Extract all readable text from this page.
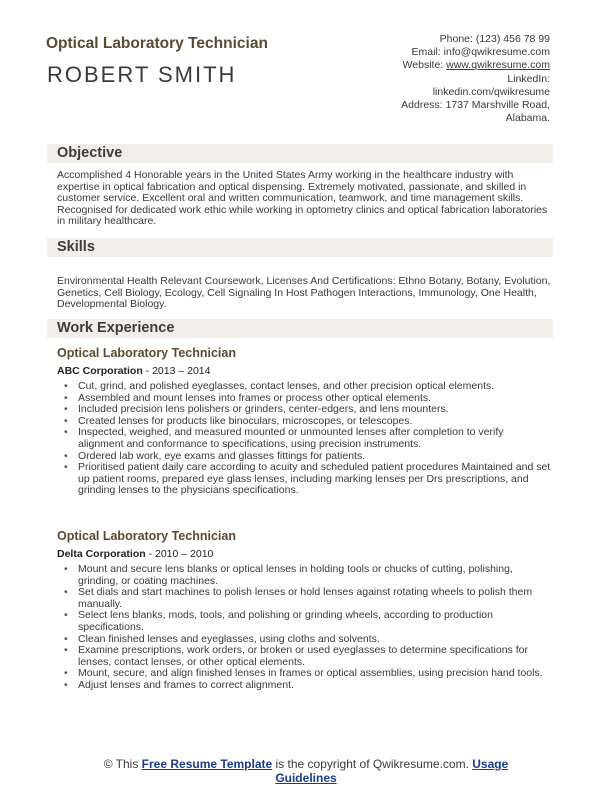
Optical Laboratory Technician
ROBERT SMITH
Phone: (123) 456 78 99
Email: info@qwikresume.com
Website: www.qwikresume.com
LinkedIn:
linkedin.com/qwikresume
Address: 1737 Marshville Road,
Alabama.
Objective
Accomplished 4 Honorable years in the United States Army working in the healthcare industry with expertise in optical fabrication and optical dispensing. Extremely motivated, passionate, and skilled in customer service. Excellent oral and written communication, teamwork, and time management skills. Recognised for dedicated work ethic while working in optometry clinics and optical fabrication laboratories in military healthcare.
Skills
Environmental Health Relevant Coursework, Licenses And Certifications: Ethno Botany, Botany, Evolution, Genetics, Cell Biology, Ecology, Cell Signaling In Host Pathogen Interactions, Immunology, One Health, Developmental Biology.
Work Experience
Optical Laboratory Technician
ABC Corporation - 2013 – 2014
• Cut, grind, and polished eyeglasses, contact lenses, and other precision optical elements.
• Assembled and mount lenses into frames or process other optical elements.
• Included precision lens polishers or grinders, center-edgers, and lens mounters.
• Created lenses for products like binoculars, microscopes, or telescopes.
• Inspected, weighed, and measured mounted or unmounted lenses after completion to verify alignment and conformance to specifications, using precision instruments.
• Ordered lab work, eye exams and glasses fittings for patients.
• Prioritised patient daily care according to acuity and scheduled patient procedures Maintained and set up patient rooms, prepared eye glass lenses, including marking lenses per Drs prescriptions, and grinding lenses to the physicians specifications.
Optical Laboratory Technician
Delta Corporation - 2010 – 2010
• Mount and secure lens blanks or optical lenses in holding tools or chucks of cutting, polishing, grinding, or coating machines.
• Set dials and start machines to polish lenses or hold lenses against rotating wheels to polish them manually.
• Select lens blanks, mods, tools, and polishing or grinding wheels, according to production specifications.
• Clean finished lenses and eyeglasses, using cloths and solvents.
• Examine prescriptions, work orders, or broken or used eyeglasses to determine specifications for lenses, contact lenses, or other optical elements.
• Mount, secure, and align finished lenses in frames or optical assemblies, using precision hand tools.
• Adjust lenses and frames to correct alignment.
© This Free Resume Template is the copyright of Qwikresume.com. Usage
Guidelines
